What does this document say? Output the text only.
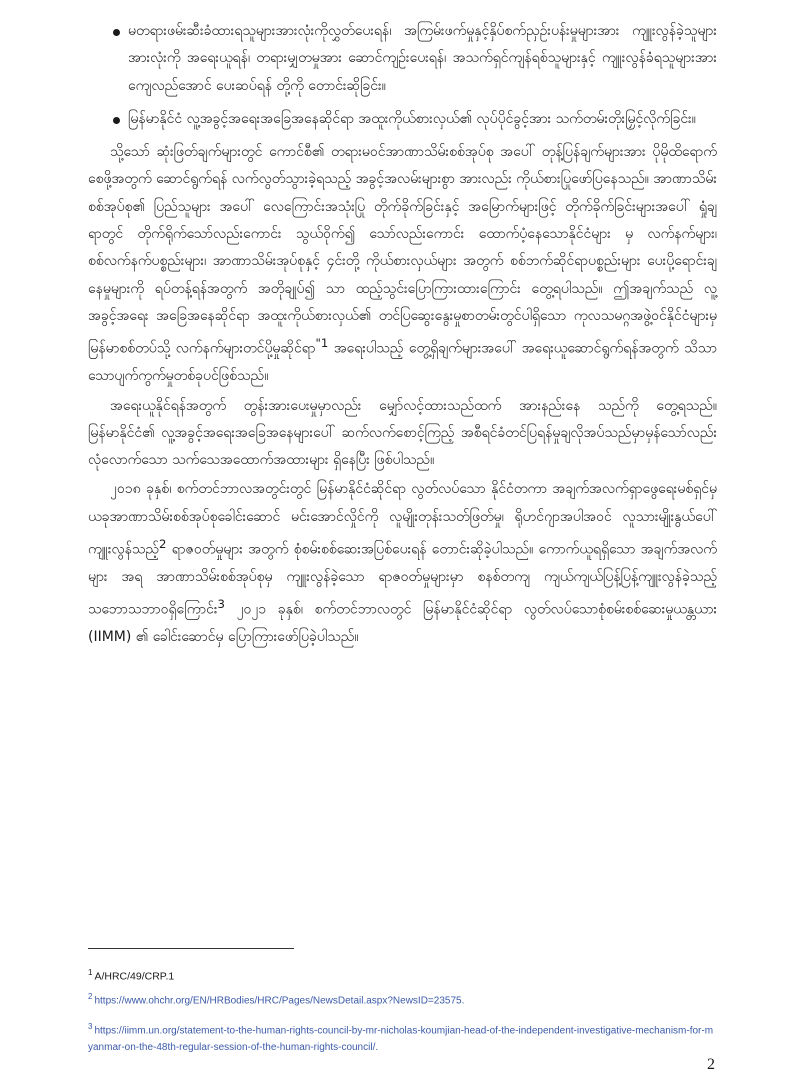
မတရားဖမ်းဆီးခံထားရသူများအားလုံးကိုလွှတ်ပေးရန်၊ အကြမ်းဖက်မှုနှင့်နှိပ်စက်ညှဉ်းပန်းမှုများအား ကျူးလွန်ခဲ့သူများအားလုံးကို အရေးယူရန်၊ တရားမျှတမှုအား ဆောင်ကျဉ်းပေးရန်၊ အသက်ရှင်ကျန်ရစ်သူများနှင့် ကျူးလွန်ခံရသူများအား ကျေလည်အောင် ပေးဆပ်ရန် တို့ကို တောင်းဆိုခြင်း။
မြန်မာနိုင်ငံ လူ့အခွင့်အရေးအခြေအနေဆိုင်ရာ အထူးကိုယ်စားလှယ်၏ လုပ်ပိုင်ခွင့်အား သက်တမ်းတိုးမြှင့်လိုက်ခြင်း။

သို့သော် ဆုံးဖြတ်ချက်များတွင် ကောင်စီ၏ တရားမဝင်အာဏာသိမ်းစစ်အုပ်စု အပေါ် တုန့်ပြန်ချက်များအား ပိုမိုထိရောက်စေဖို့အတွက် ဆောင်ရွက်ရန် လက်လွတ်သွားခဲ့ရသည့် အခွင့်အလမ်းများစွာ အားလည်း ကိုယ်စားပြုဖော်ပြနေသည်။ အာဏာသိမ်းစစ်အုပ်စု၏ ပြည်သူများ အပေါ် လေကြောင်းအသုံးပြု တိုက်ခိုက်ခြင်းနှင့် အမြောက်များဖြင့် တိုက်ခိုက်ခြင်းများအပေါ် ရှုံချ ရာတွင် တိုက်ရိုက်သော်လည်းကောင်း သွယ်ဝိုက်၍ သော်လည်းကောင်း ထောက်ပံ့နေသောနိုင်ငံများ မှ လက်နက်များ၊ စစ်လက်နက်ပစ္စည်းများ၊ အာဏာသိမ်းအုပ်စုနှင့် ၄င်းတို့ ကိုယ်စားလှယ်များ အတွက် စစ်ဘက်ဆိုင်ရာပစ္စည်းများ ပေးပို့ရောင်းချနေမှုများကို ရပ်တန့်ရန်အတွက် အတိုချုပ်၍ သာ ထည့်သွင်းပြောကြားထားကြောင်း တွေ့ရပါသည်။ ဤအချက်သည် လူ့အခွင့်အရေး အခြေအနေဆိုင်ရာ အထူးကိုယ်စားလှယ်၏ တင်ပြဆွေးနွေးမှုစာတမ်းတွင်ပါရှိသော ကုလသမဂ္ဂအဖွဲ့ဝင်နိုင်ငံများမှ မြန်မာစစ်တပ်သို့ လက်နက်များတင်ပို့မှုဆိုင်ရာ$^{"1}$ အရေးပါသည့် တွေ့ရှိချက်များအပေါ် အရေးယူဆောင်ရွက်ရန်အတွက် သိသာသောပျက်ကွက်မှုတစ်ခုပင်ဖြစ်သည်။

အရေးယူနိုင်ရန်အတွက် တွန်းအားပေးမှုမှာလည်း မျှော်လင့်ထားသည်ထက် အားနည်းနေ သည်ကို တွေ့ရသည်။ မြန်မာနိုင်ငံ၏ လူ့အခွင့်အရေးအခြေအနေများပေါ် ဆက်လက်စောင့်ကြည့် အစီရင်ခံတင်ပြရန်မှုချလိုအပ်သည်မှာမှန်သော်လည်း လုံလောက်သော သက်သေအထောက်အထားများ ရှိနေပြီး ဖြစ်ပါသည်။

၂၀၁၈ ခုနှစ်၊ စက်တင်ဘာလအတွင်းတွင် မြန်မာနိုင်ငံဆိုင်ရာ လွတ်လပ်သော နိုင်ငံတကာ အချက်အလက်ရှာဖွေရေးမစ်ရှင်မှ ယခုအာဏာသိမ်းစစ်အုပ်စုခေါင်းဆောင် မင်းအောင်လှိုင်ကို လူမျိုးတုန်းသတ်ဖြတ်မှု၊ ရိုဟင်ဂျာအပါအဝင် လူသားမျိုးနွယ်ပေါ်ကျူးလွန်သည့်$^2$ ရာဇဝတ်မှုများ အတွက် စုံစမ်းစစ်ဆေးအပြစ်ပေးရန် တောင်းဆိုခဲ့ပါသည်။ ကောက်ယူရရှိသော အချက်အလက်များ အရ အာဏာသိမ်းစစ်အုပ်စုမှ ကျူးလွန်ခဲ့သော ရာဇဝတ်မှုများမှာ စနစ်တကျ ကျယ်ကျယ်ပြန့်ပြန့်ကျူးလွန်ခဲ့သည့် သဘောသဘာဝရှိကြောင်း$^3$ ၂၀၂၁ ခုနှစ်၊ စက်တင်ဘာလတွင် မြန်မာနိုင်ငံဆိုင်ရာ လွတ်လပ်သောစုံစမ်းစစ်ဆေးမှုယန္တယား (IIMM) ၏ ခေါင်းဆောင်မှ ပြောကြားဖော်ပြခဲ့ပါသည်။

$^1$ A/HRC/49/CRP.1
$^2$ https://www.ohchr.org/EN/HRBodies/HRC/Pages/NewsDetail.aspx?NewsID=23575.
$^3$ https://iimm.un.org/statement-to-the-human-rights-council-by-mr-nicholas-koumjian-head-of-the-independent-investigative-mechanism-for-myanmar-on-the-48th-regular-session-of-the-human-rights-council/.
2
